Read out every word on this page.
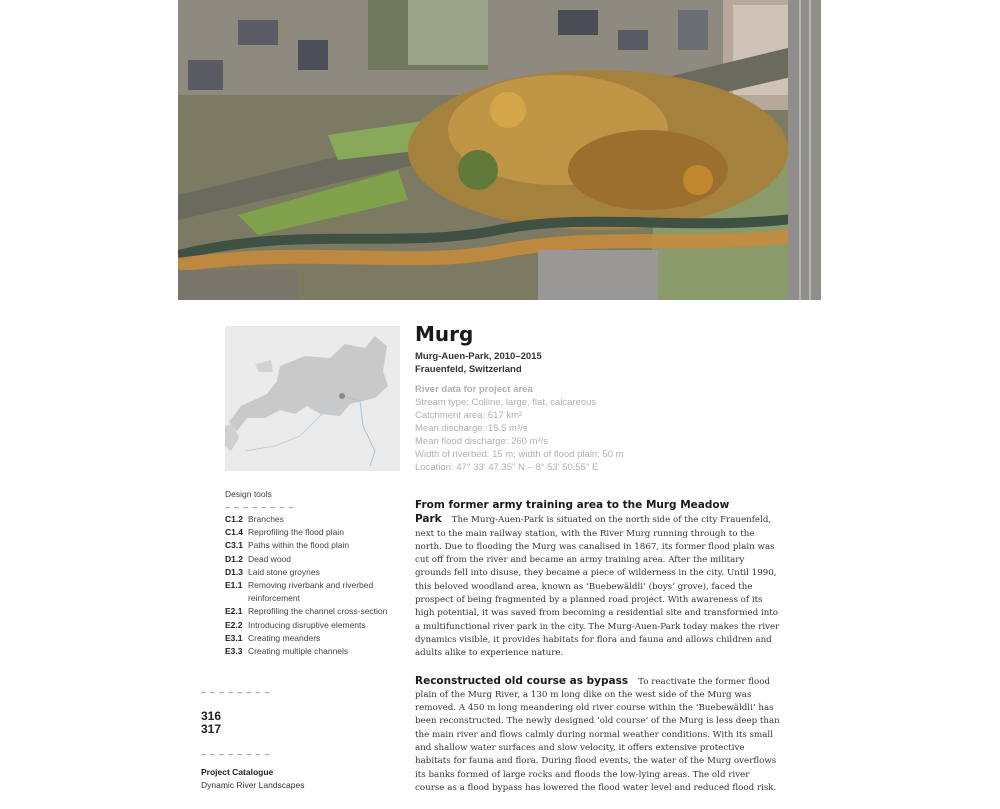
Murg
Murg-Auen-Park, 2010–2015
Frauenfeld, Switzerland
River data for project area
Stream type: Colline, large, flat, calcareous
Catchment area: 617 km²
Mean discharge: 15.5 m³/s
Mean flood discharge: 260 m³/s
Width of riverbed: 15 m; width of flood plain: 50 m
Location: 47° 33' 47.35" N – 8° 53' 50.55" E
Design tools
– – – – – – – –
C1.2 Branches
C1.4 Reprofiling the flood plain
C3.1 Paths within the flood plain
D1.2 Dead wood
D1.3 Laid stone groynes
E1.1 Removing riverbank and riverbed reinforcement
E2.1 Reprofiling the channel cross-section
E2.2 Introducing disruptive elements
E3.1 Creating meanders
E3.3 Creating multiple channels
– – – – – – – –
316
317
– – – – – – – –
Project Catalogue
Dynamic River Landscapes

From former army training area to the Murg Meadow Park The Murg-Auen-Park is situated on the north side of the city Frauenfeld, next to the main railway station, with the River Murg running through to the north. Due to flooding the Murg was canalised in 1867, its former flood plain was cut off from the river and became an army training area. After the military grounds fell into disuse, they became a piece of wilderness in the city. Until 1990, this beloved woodland area, known as ‘Buebewäldli’ (boys’ grove), faced the prospect of being fragmented by a planned road project. With awareness of its high potential, it was saved from becoming a residential site and transformed into a multifunctional river park in the city. The Murg-Auen-Park today makes the river dynamics visible, it provides habitats for flora and fauna and allows children and adults alike to experience nature.

Reconstructed old course as bypass To reactivate the former flood plain of the Murg River, a 130 m long dike on the west side of the Murg was removed. A 450 m long meandering old river course within the ‘Buebewäldli’ has been reconstructed. The newly designed ‘old course’ of the Murg is less deep than the main river and flows calmly during normal weather conditions. With its small and shallow water surfaces and slow velocity, it offers extensive protective habitats for fauna and flora. During flood events, the water of the Murg overflows its banks formed of large rocks and floods the low-lying areas. The old river course as a flood bypass has lowered the flood water level and reduced flood risk.
